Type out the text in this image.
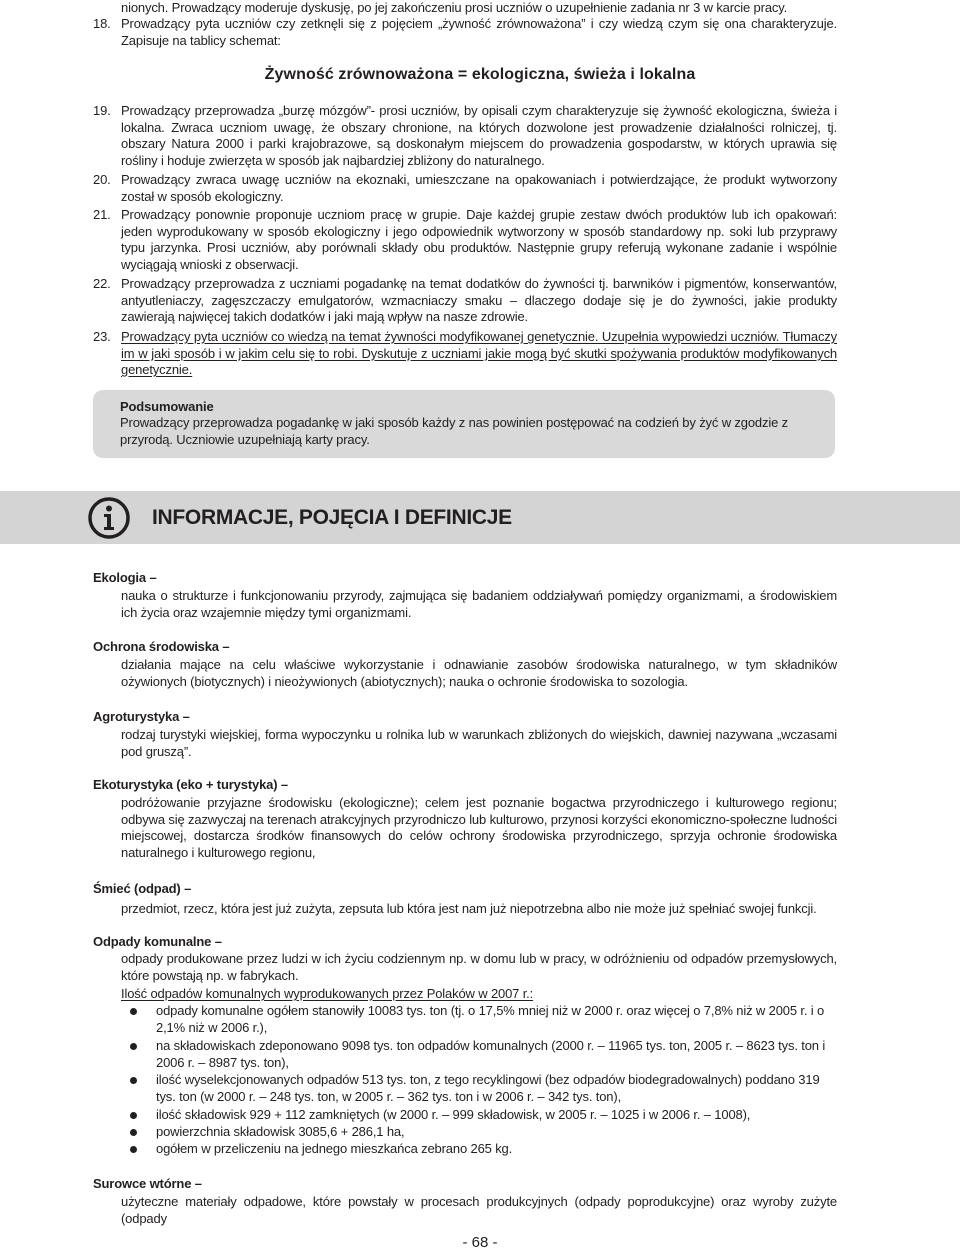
nionych. Prowadzący moderuje dyskusję, po jej zakończeniu prosi uczniów o uzupełnienie zadania nr 3 w karcie pracy.
18. Prowadzący pyta uczniów czy zetknęli się z pojęciem „żywność zrównoważona” i czy wiedzą czym się ona charakteryzuje. Zapisuje na tablicy schemat:
Żywność zrównoważona = ekologiczna, świeża i lokalna
19. Prowadzący przeprowadza „burzę mózgów”- prosi uczniów, by opisali czym charakteryzuje się żywność ekologiczna, świeża i lokalna. Zwraca uczniom uwagę, że obszary chronione, na których dozwolone jest prowadzenie działalności rolniczej, tj. obszary Natura 2000 i parki krajobrazowe, są doskonałym miejscem do prowadzenia gospodarstw, w których uprawia się rośliny i hoduje zwierzęta w sposób jak najbardziej zbliżony do naturalnego.
20. Prowadzący zwraca uwagę uczniów na ekoznaki, umieszczane na opakowaniach i potwierdzające, że produkt wytworzony został w sposób ekologiczny.
21. Prowadzący ponownie proponuje uczniom pracę w grupie. Daje każdej grupie zestaw dwóch produktów lub ich opakowań: jeden wyprodukowany w sposób ekologiczny i jego odpowiednik wytworzony w sposób standardowy np. soki lub przyprawy typu jarzynka. Prosi uczniów, aby porównali składy obu produktów. Następnie grupy referują wykonane zadanie i wspólnie wyciągają wnioski z obserwacji.
22. Prowadzący przeprowadza z uczniami pogadankę na temat dodatków do żywności tj. barwników i pigmentów, konserwantów, antyutleniaczy, zagęszczaczy emulgatorów, wzmacniaczy smaku – dlaczego dodaje się je do żywności, jakie produkty zawierają najwięcej takich dodatków i jaki mają wpływ na nasze zdrowie.
23. Prowadzący pyta uczniów co wiedzą na temat żywności modyfikowanej genetycznie. Uzupełnia wypowiedzi uczniów. Tłumaczy im w jaki sposób i w jakim celu się to robi. Dyskutuje z uczniami jakie mogą być skutki spożywania produktów modyfikowanych genetycznie.
Podsumowanie
Prowadzący przeprowadza pogadankę w jaki sposób każdy z nas powinien postępować na codzień by żyć w zgodzie z przyrodą. Uczniowie uzupełniają karty pracy.
INFORMACJE, POJĘCIA I DEFINICJE
Ekologia –
nauka o strukturze i funkcjonowaniu przyrody, zajmująca się badaniem oddziaływań pomiędzy organizmami, a środowiskiem ich życia oraz wzajemnie między tymi organizmami.
Ochrona środowiska –
działania mające na celu właściwe wykorzystanie i odnawianie zasobów środowiska naturalnego, w tym składników ożywionych (biotycznych) i nieożywionych (abiotycznych); nauka o ochronie środowiska to sozologia.
Agroturystyka –
rodzaj turystyki wiejskiej, forma wypoczynku u rolnika lub w warunkach zbliżonych do wiejskich, dawniej nazywana „wczasami pod gruszą”.
Ekoturystyka (eko + turystyka) –
podróżowanie przyjazne środowisku (ekologiczne); celem jest poznanie bogactwa przyrodniczego i kulturowego regionu; odbywa się zazwyczaj na terenach atrakcyjnych przyrodniczo lub kulturowo, przynosi korzyści ekonomiczno-społeczne ludności miejscowej, dostarcza środków finansowych do celów ochrony środowiska przyrodniczego, sprzyja ochronie środowiska naturalnego i kulturowego regionu,
Śmieć (odpad) –
przedmiot, rzecz, która jest już zużyta, zepsuta lub która jest nam już niepotrzebna albo nie może już spełniać swojej funkcji.
Odpady komunalne –
odpady produkowane przez ludzi w ich życiu codziennym np. w domu lub w pracy, w odróżnieniu od odpadów przemysłowych, które powstają np. w fabrykach.
Ilość odpadów komunalnych wyprodukowanych przez Polaków w 2007 r.:
odpady komunalne ogółem stanowiły 10083 tys. ton (tj. o 17,5% mniej niż w 2000 r. oraz więcej o 7,8% niż w 2005 r. i o 2,1% niż w 2006 r.),
na składowiskach zdeponowano 9098 tys. ton odpadów komunalnych (2000 r. – 11965 tys. ton, 2005 r. – 8623 tys. ton i 2006 r. – 8987 tys. ton),
ilość wyselekcjonowanych odpadów 513 tys. ton, z tego recyklingowi (bez odpadów biodegradowalnych) poddano 319 tys. ton (w 2000 r. – 248 tys. ton, w 2005 r. – 362 tys. ton i w 2006 r. – 342 tys. ton),
ilość składowisk 929 + 112 zamkniętych (w 2000 r. – 999 składowisk, w 2005 r. – 1025 i w 2006 r. – 1008),
powierzchnia składowisk 3085,6 + 286,1 ha,
ogółem w przeliczeniu na jednego mieszkańca zebrano 265 kg.
Surowce wtórne –
użyteczne materiały odpadowe, które powstały w procesach produkcyjnych (odpady poprodukcyjne) oraz wyroby zużyte (odpady
- 68 -
